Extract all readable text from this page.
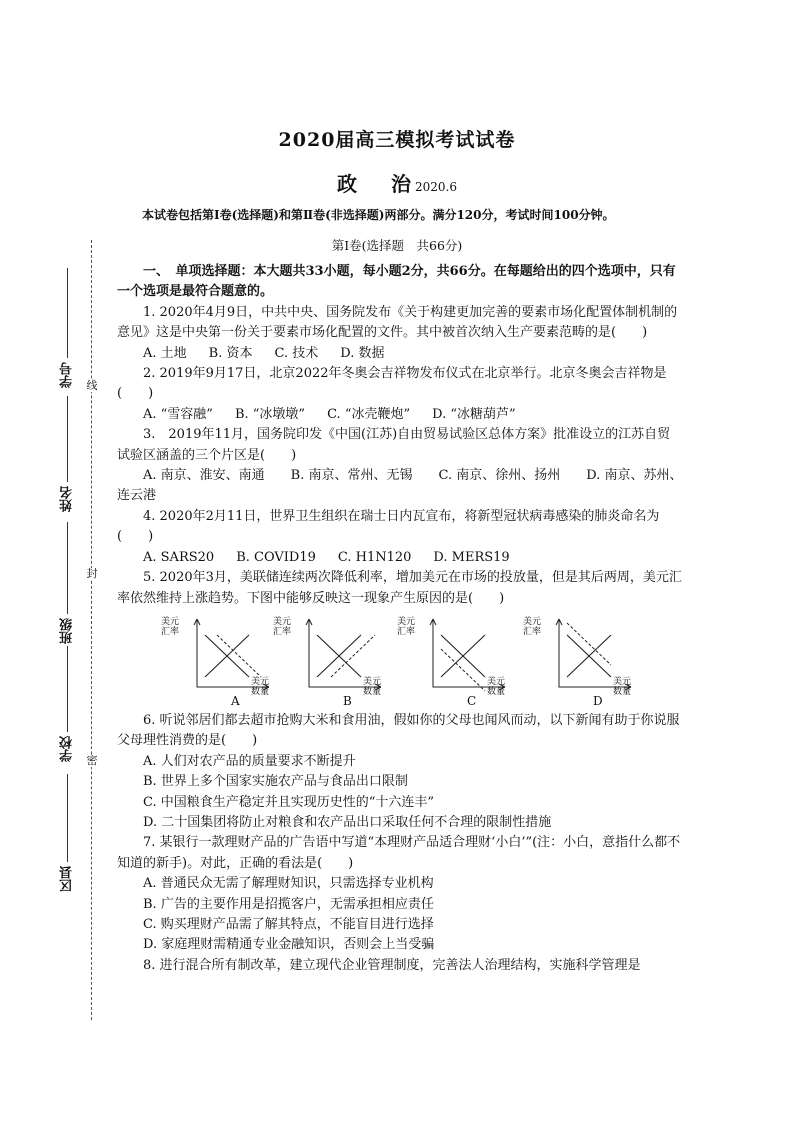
2020届高三模拟考试试卷
政 治 2020.6
本试卷包括第Ⅰ卷(选择题)和第Ⅱ卷(非选择题)两部分。满分120分，考试时间100分钟。
第Ⅰ卷(选择题　共66分)
线
封
密
学号
姓名
班级
学校
区县

一、　单项选择题：本大题共33小题，每小题2分，共66分。在每题给出的四个选项中，只有一个选项是最符合题意的。

1. 2020年4月9日，中共中央、国务院发布《关于构建更加完善的要素市场化配置体制机制的意见》这是中央第一份关于要素市场化配置的文件。其中被首次纳入生产要素范畴的是(　　)

A. 土地 B. 资本 C. 技术 D. 数据

2. 2019年9月17日，北京2022年冬奥会吉祥物发布仪式在北京举行。北京冬奥会吉祥物是(　　)

A. “雪容融” B. “冰墩墩” C. “冰壳鞭炮” D. “冰糖葫芦”

3.　2019年11月，国务院印发《中国(江苏)自由贸易试验区总体方案》批准设立的江苏自贸试验区涵盖的三个片区是(　　)

A. 南京、淮安、南通　　B. 南京、常州、无锡　　C. 南京、徐州、扬州　　D. 南京、苏州、连云港

4. 2020年2月11日，世界卫生组织在瑞士日内瓦宣布，将新型冠状病毒感染的肺炎命名为(　　)

A. SARS20 B. COVID19 C. H1N120 D. MERS19

5. 2020年3月，美联储连续两次降低利率，增加美元在市场的投放量，但是其后两周，美元汇率依然维持上涨趋势。下图中能够反映这一现象产生原因的是(　　)

美元
汇率
美元
数量
A
美元
汇率
美元
数量
B
美元
汇率
美元
数量
C
美元
汇率
美元
数量
D

6. 听说邻居们都去超市抢购大米和食用油，假如你的父母也闻风而动，以下新闻有助于你说服父母理性消费的是(　　)

A. 人们对农产品的质量要求不断提升

B. 世界上多个国家实施农产品与食品出口限制

C. 中国粮食生产稳定并且实现历史性的“十六连丰”

D. 二十国集团将防止对粮食和农产品出口采取任何不合理的限制性措施

7. 某银行一款理财产品的广告语中写道“本理财产品适合理财‘小白’”(注：小白，意指什么都不知道的新手)。对此，正确的看法是(　　)

A. 普通民众无需了解理财知识，只需选择专业机构

B. 广告的主要作用是招揽客户，无需承担相应责任

C. 购买理财产品需了解其特点，不能盲目进行选择

D. 家庭理财需精通专业金融知识，否则会上当受骗

8. 进行混合所有制改革，建立现代企业管理制度，完善法人治理结构，实施科学管理是
